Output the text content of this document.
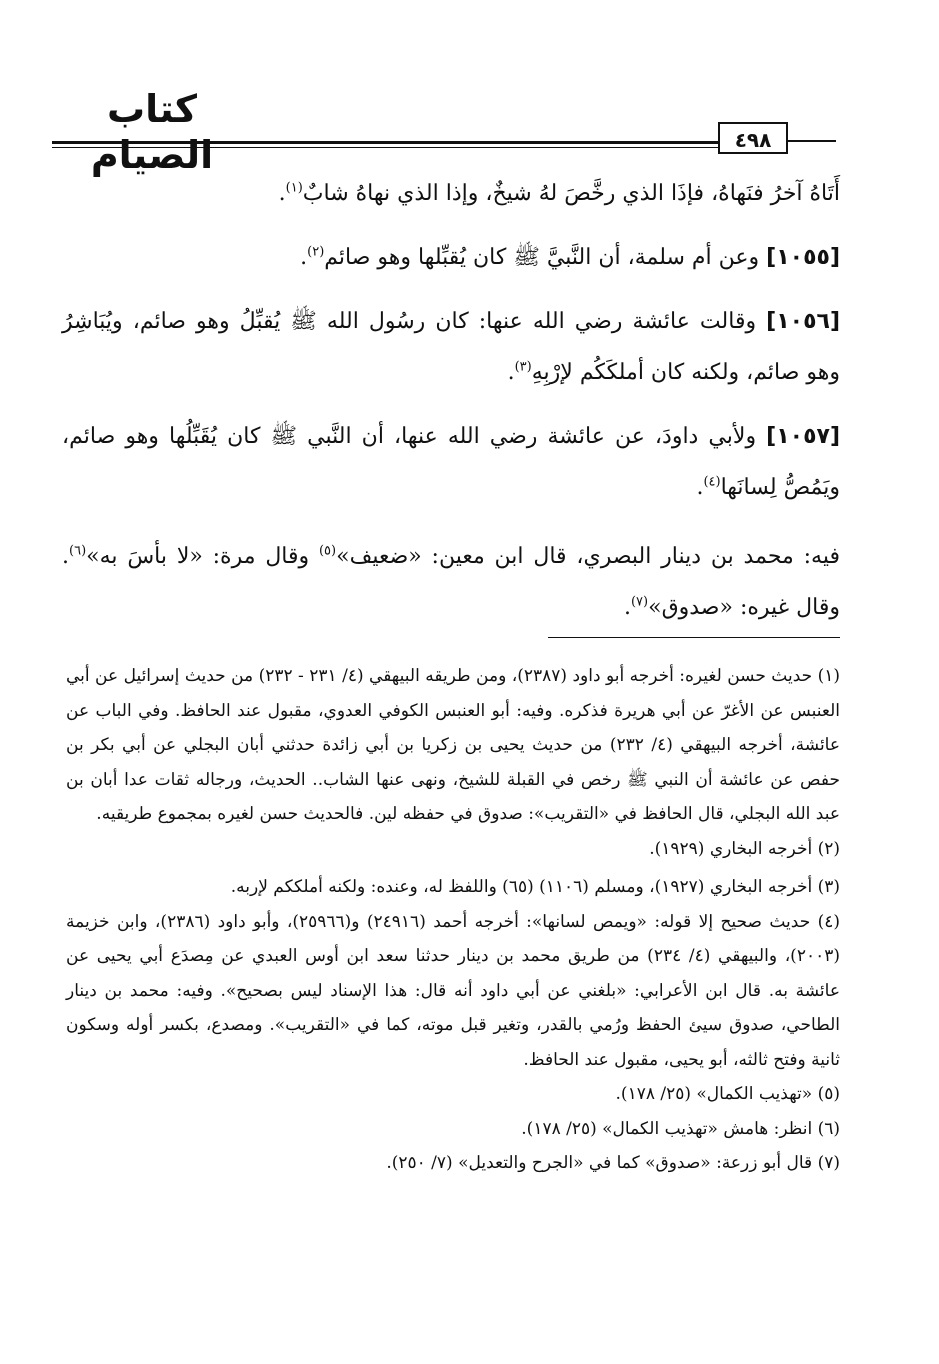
كتاب الصيام	٤٩٨

أَتَاهُ آخرُ فنَهاهُ، فإذَا الذي رخَّصَ لهُ شيخٌ، وإذا الذي نهاهُ شابٌ$^{(١)}$.

[١٠٥٥] وعن أم سلمة، أن النَّبيَّ ﷺ كان يُقبِّلها وهو صائم$^{(٢)}$.

[١٠٥٦] وقالت عائشة رضي الله عنها: كان رسُول الله ﷺ يُقبِّلُ وهو صائم، ويُبَاشِرُ وهو صائم، ولكنه كان أملكَكُم لإرْبِهِ$^{(٣)}$.

[١٠٥٧] ولأبي داودَ، عن عائشة رضي الله عنها، أن النَّبي ﷺ كان يُقَبِّلُها وهو صائم، ويَمُصُّ لِسانَها$^{(٤)}$.

فيه: محمد بن دينار البصري، قال ابن معين: «ضعيف»$^{(٥)}$ وقال مرة: «لا بأسَ به»$^{(٦)}$. وقال غيره: «صدوق»$^{(٧)}$.

(١) حديث حسن لغيره: أخرجه أبو داود (٢٣٨٧)، ومن طريقه البيهقي (٤/ ٢٣١ - ٢٣٢) من حديث إسرائيل عن أبي العنبس عن الأغرّ عن أبي هريرة فذكره. وفيه: أبو العنبس الكوفي العدوي، مقبول عند الحافظ. وفي الباب عن عائشة، أخرجه البيهقي (٤/ ٢٣٢) من حديث يحيى بن زكريا بن أبي زائدة حدثني أبان البجلي عن أبي بكر بن حفص عن عائشة أن النبي ﷺ رخص في القبلة للشيخ، ونهى عنها الشاب.. الحديث، ورجاله ثقات عدا أبان بن عبد الله البجلي، قال الحافظ في «التقريب»: صدوق في حفظه لين. فالحديث حسن لغيره بمجموع طريقيه.

(٢) أخرجه البخاري (١٩٢٩).

(٣) أخرجه البخاري (١٩٢٧)، ومسلم (١١٠٦) (٦٥) واللفظ له، وعنده: ولكنه أملككم لإربه.

(٤) حديث صحيح إلا قوله: «ويمص لسانها»: أخرجه أحمد (٢٤٩١٦) و(٢٥٩٦٦)، وأبو داود (٢٣٨٦)، وابن خزيمة (٢٠٠٣)، والبيهقي (٤/ ٢٣٤) من طريق محمد بن دينار حدثنا سعد ابن أوس العبدي عن مِصدَع أبي يحيى عن عائشة به. قال ابن الأعرابي: «بلغني عن أبي داود أنه قال: هذا الإسناد ليس بصحيح». وفيه: محمد بن دينار الطاحي، صدوق سيئ الحفظ ورُمي بالقدر، وتغير قبل موته، كما في «التقريب». ومصدع، بكسر أوله وسكون ثانية وفتح ثالثه، أبو يحيى، مقبول عند الحافظ.

(٥) «تهذيب الكمال» (٢٥/ ١٧٨).

(٦) انظر: هامش «تهذيب الكمال» (٢٥/ ١٧٨).

(٧) قال أبو زرعة: «صدوق» كما في «الجرح والتعديل» (٧/ ٢٥٠).
